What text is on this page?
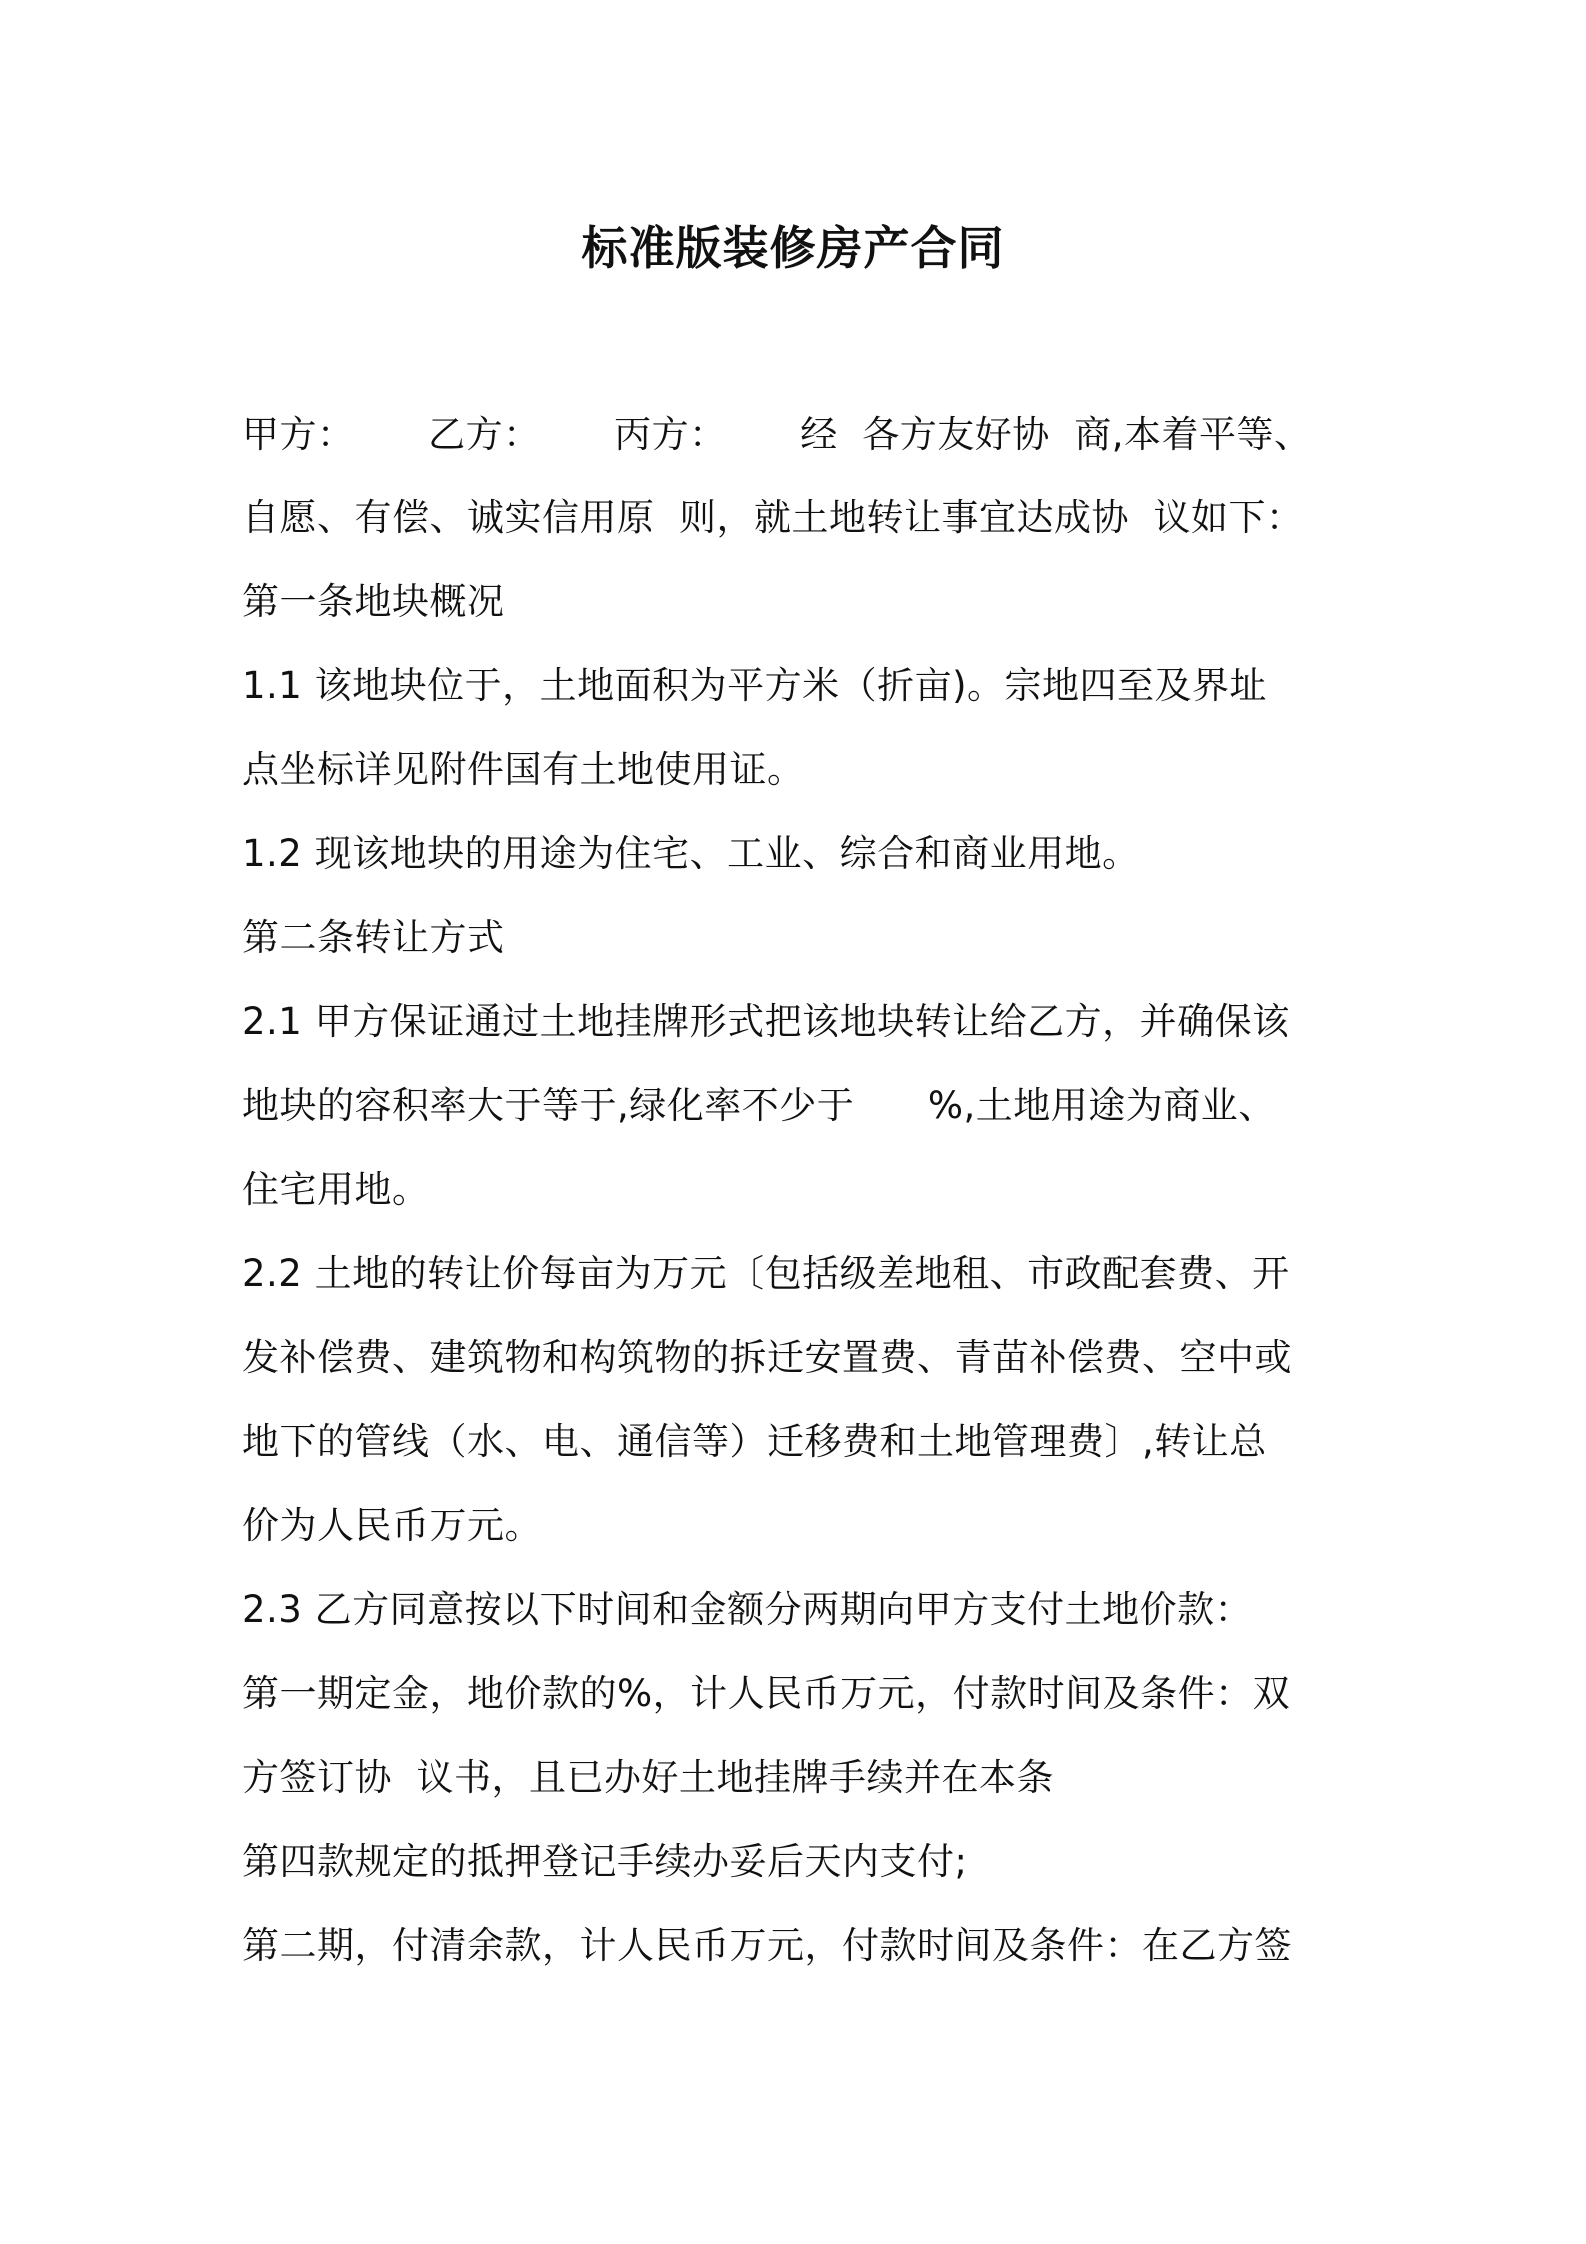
标准版装修房产合同
甲方：      乙方：      丙方：      经  各方友好协  商,本着平等、
自愿、有偿、诚实信用原  则，就土地转让事宜达成协  议如下：
第一条地块概况
1.1 该地块位于，土地面积为平方米（折亩)。宗地四至及界址
点坐标详见附件国有土地使用证。
1.2 现该地块的用途为住宅、工业、综合和商业用地。
第二条转让方式
2.1 甲方保证通过土地挂牌形式把该地块转让给乙方，并确保该
地块的容积率大于等于,绿化率不少于      %,土地用途为商业、
住宅用地。
2.2 土地的转让价每亩为万元〔包括级差地租、市政配套费、开
发补偿费、建筑物和构筑物的拆迁安置费、青苗补偿费、空中或
地下的管线（水、电、通信等）迁移费和土地管理费〕,转让总
价为人民币万元。
2.3 乙方同意按以下时间和金额分两期向甲方支付土地价款：
第一期定金，地价款的%，计人民币万元，付款时间及条件：双
方签订协  议书，且已办好土地挂牌手续并在本条
第四款规定的抵押登记手续办妥后天内支付;
第二期，付清余款，计人民币万元，付款时间及条件：在乙方签
